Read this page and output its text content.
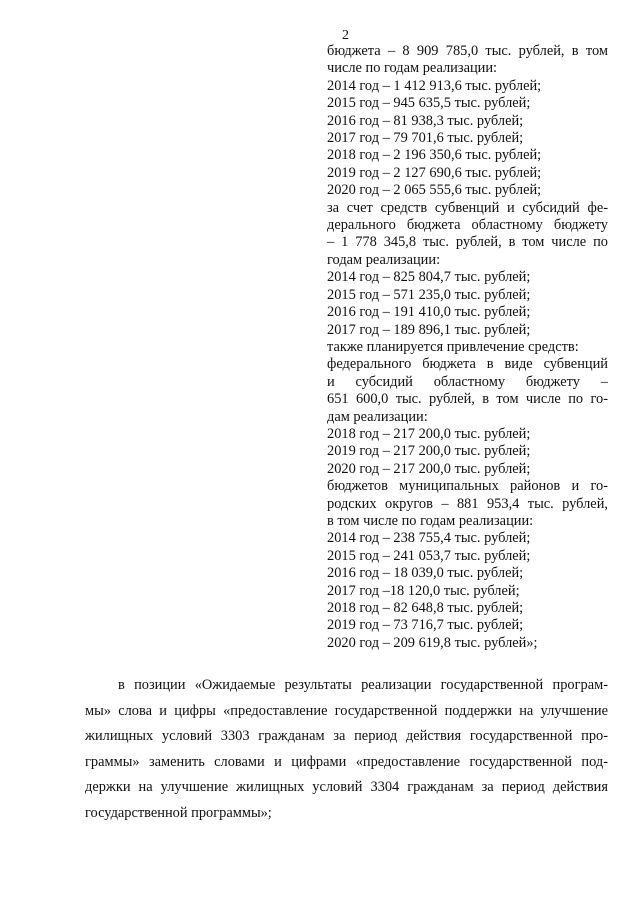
2
бюджета – 8 909 785,0 тыс. рублей, в том
числе по годам реализации:
2014 год – 1 412 913,6 тыс. рублей;
2015 год – 945 635,5 тыс. рублей;
2016 год – 81 938,3 тыс. рублей;
2017 год – 79 701,6 тыс. рублей;
2018 год – 2 196 350,6 тыс. рублей;
2019 год – 2 127 690,6 тыс. рублей;
2020 год – 2 065 555,6 тыс. рублей;
за счет средств субвенций и субсидий фе-
дерального бюджета областному бюджету
– 1 778 345,8 тыс. рублей, в том числе по
годам реализации:
2014 год – 825 804,7 тыс. рублей;
2015 год – 571 235,0 тыс. рублей;
2016 год – 191 410,0 тыс. рублей;
2017 год – 189 896,1 тыс. рублей;
также планируется привлечение средств:
федерального бюджета в виде субвенций
и субсидий областному бюджету –
651 600,0 тыс. рублей, в том числе по го-
дам реализации:
2018 год – 217 200,0 тыс. рублей;
2019 год – 217 200,0 тыс. рублей;
2020 год – 217 200,0 тыс. рублей;
бюджетов муниципальных районов и го-
родских округов – 881 953,4 тыс. рублей,
в том числе по годам реализации:
2014 год – 238 755,4 тыс. рублей;
2015 год – 241 053,7 тыс. рублей;
2016 год – 18 039,0 тыс. рублей;
2017 год –18 120,0 тыс. рублей;
2018 год – 82 648,8 тыс. рублей;
2019 год – 73 716,7 тыс. рублей;
2020 год – 209 619,8 тыс. рублей»;
в позиции «Ожидаемые результаты реализации государственной програм-
мы» слова и цифры «предоставление государственной поддержки на улучшение
жилищных условий 3303 гражданам за период действия государственной про-
граммы» заменить словами и цифрами «предоставление государственной под-
держки на улучшение жилищных условий 3304 гражданам за период действия
государственной программы»;
